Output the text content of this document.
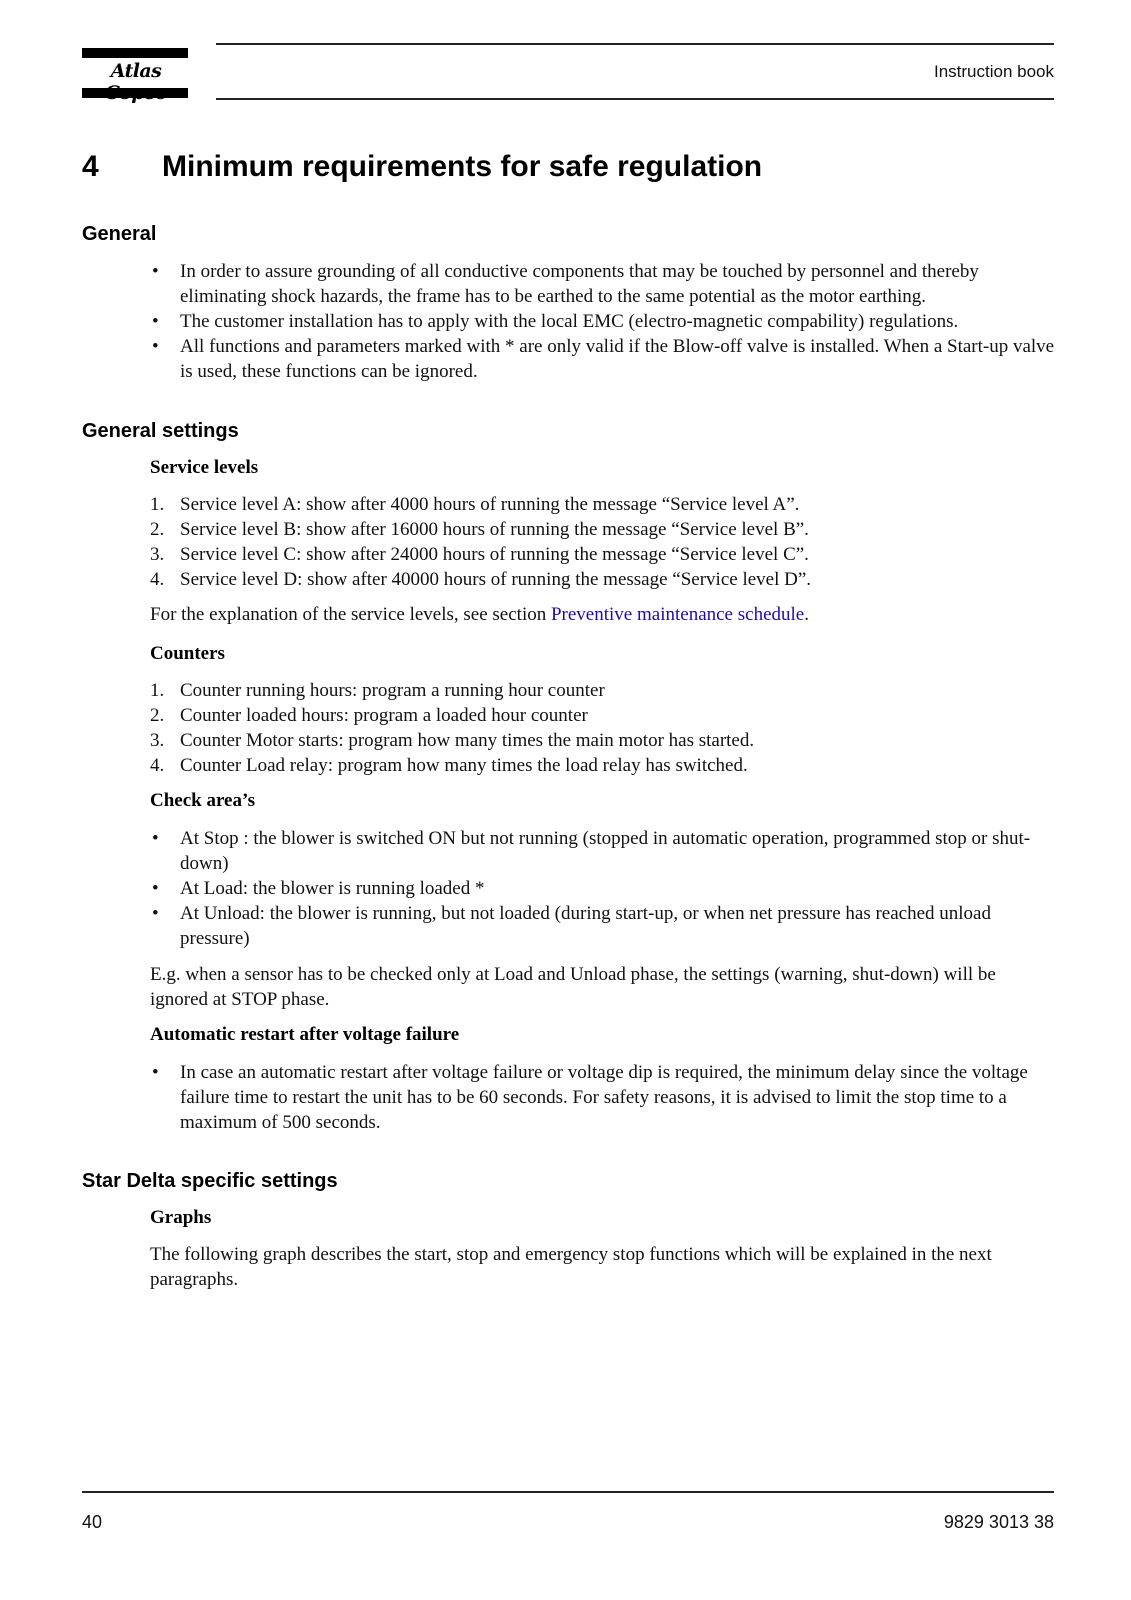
Atlas	Instruction book
4 Minimum requirements for safe regulation
General
•	In order to assure grounding of all conductive components that may be touched by personnel and thereby eliminating shock hazards, the frame has to be earthed to the same potential as the motor earthing.
•	The customer installation has to apply with the local EMC (electro-magnetic compability) regulations.
•	All functions and parameters marked with * are only valid if the Blow-off valve is installed. When a Start-up valve is used, these functions can be ignored.
General settings
Service levels
1. Service level A: show after 4000 hours of running the message “Service level A”.
2. Service level B: show after 16000 hours of running the message “Service level B”.
3. Service level C: show after 24000 hours of running the message “Service level C”.
4. Service level D: show after 40000 hours of running the message “Service level D”.
For the explanation of the service levels, see section Preventive maintenance schedule.
Counters
1. Counter running hours: program a running hour counter
2. Counter loaded hours: program a loaded hour counter
3. Counter Motor starts: program how many times the main motor has started.
4. Counter Load relay: program how many times the load relay has switched.
Check area’s
•	At Stop : the blower is switched ON but not running (stopped in automatic operation, programmed stop or shut-down)
•	At Load: the blower is running loaded *
•	At Unload: the blower is running, but not loaded (during start-up, or when net pressure has reached unload pressure)
E.g. when a sensor has to be checked only at Load and Unload phase, the settings (warning, shut-down) will be ignored at STOP phase.
Automatic restart after voltage failure
•	In case an automatic restart after voltage failure or voltage dip is required, the minimum delay since the voltage failure time to restart the unit has to be 60 seconds. For safety reasons, it is advised to limit the stop time to a maximum of 500 seconds.
Star Delta specific settings
Graphs
The following graph describes the start, stop and emergency stop functions which will be explained in the next paragraphs.
40	9829 3013 38
